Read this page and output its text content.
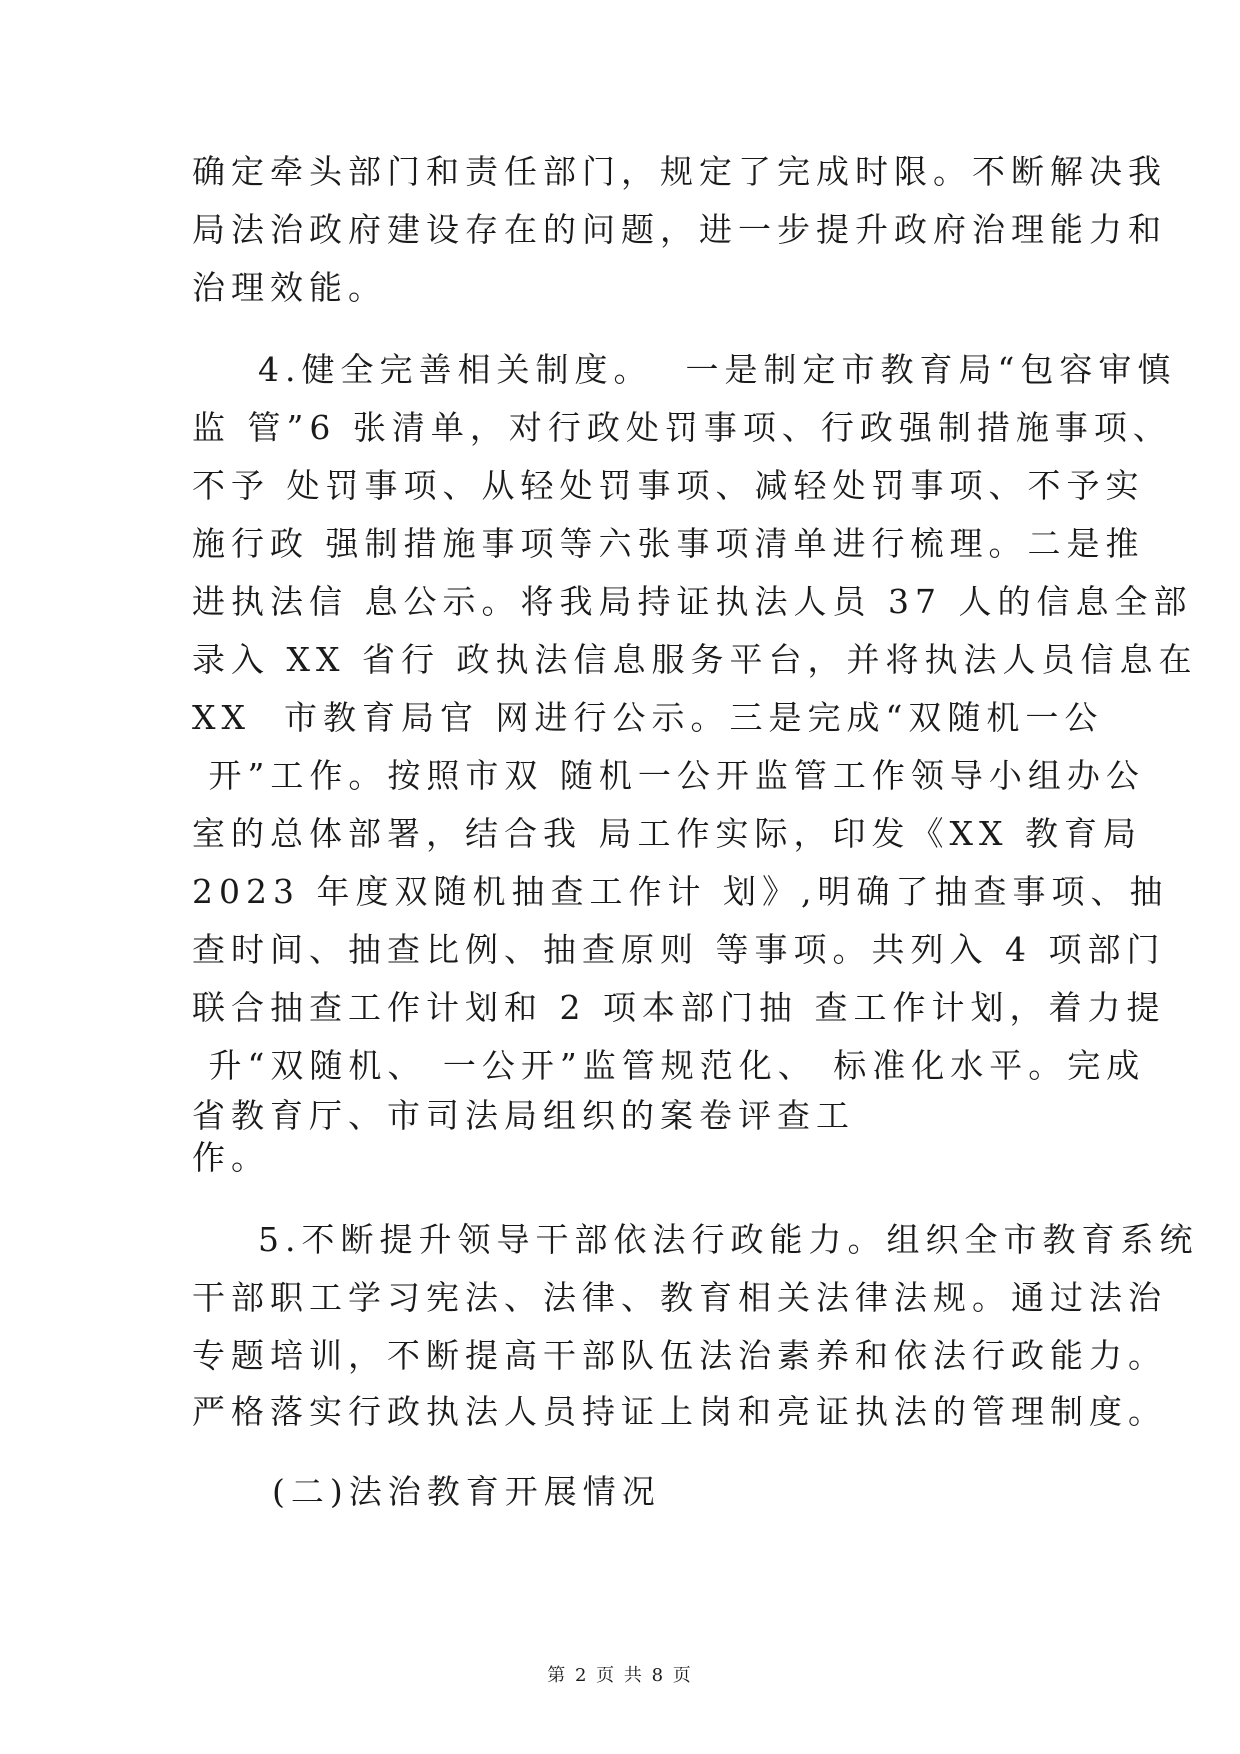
确定牵头部门和责任部门，规定了完成时限。不断解决我

局法治政府建设存在的问题，进一步提升政府治理能力和

治理效能。

4.健全完善相关制度。  一是制定市教育局“包容审慎

监 管”6 张清单，对行政处罚事项、行政强制措施事项、

不予 处罚事项、从轻处罚事项、减轻处罚事项、不予实

施行政 强制措施事项等六张事项清单进行梳理。二是推

进执法信 息公示。将我局持证执法人员 37 人的信息全部

录入 XX 省行 政执法信息服务平台，并将执法人员信息在

XX  市教育局官 网进行公示。三是完成“双随机一公

开”工作。按照市双 随机一公开监管工作领导小组办公

室的总体部署，结合我 局工作实际，印发《XX 教育局

2023 年度双随机抽查工作计 划》,明确了抽查事项、抽

查时间、抽查比例、抽查原则 等事项。共列入 4 项部门

联合抽查工作计划和 2 项本部门抽 查工作计划，着力提

升“双随机、 一公开”监管规范化、 标准化水平。完成

省教育厅、市司法局组织的案卷评查工

作。

5.不断提升领导干部依法行政能力。组织全市教育系统

干部职工学习宪法、法律、教育相关法律法规。通过法治

专题培训，不断提高干部队伍法治素养和依法行政能力。

严格落实行政执法人员持证上岗和亮证执法的管理制度。

(二)法治教育开展情况

第 2 页 共 8 页
